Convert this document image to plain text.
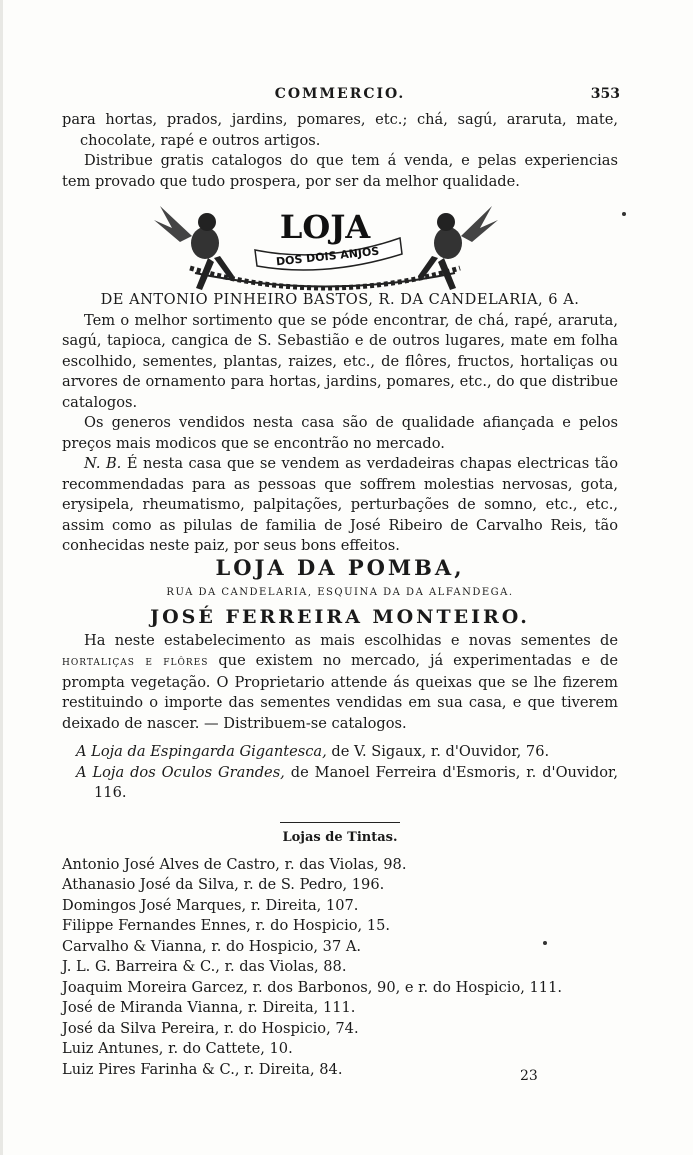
COMMERCIO.	353

para hortas, prados, jardins, pomares, etc.; chá, sagú, araruta, mate, chocolate, rapé e outros artigos.

Distribue gratis catalogos do que tem á venda, e pelas experiencias tem provado que tudo prospera, por ser da melhor qualidade.

LOJA
DOS DOIS ANJOS

DE ANTONIO PINHEIRO BASTOS, R. DA CANDELARIA, 6 A.

Tem o melhor sortimento que se póde encontrar, de chá, rapé, araruta, sagú, tapioca, cangica de S. Sebastião e de outros lugares, mate em folha escolhido, sementes, plantas, raizes, etc., de flôres, fructos, hortaliças ou arvores de ornamento para hortas, jardins, pomares, etc., do que distribue catalogos.

Os generos vendidos nesta casa são de qualidade afiançada e pelos preços mais modicos que se encontrão no mercado.

N. B. É nesta casa que se vendem as verdadeiras chapas electricas tão recommendadas para as pessoas que soffrem molestias nervosas, gota, erysipela, rheumatismo, palpitações, perturbações de somno, etc., etc., assim como as pilulas de familia de José Ribeiro de Carvalho Reis, tão conhecidas neste paiz, por seus bons effeitos.

LOJA DA POMBA,

RUA DA CANDELARIA, ESQUINA DA DA ALFANDEGA.

JOSÉ FERREIRA MONTEIRO.

Ha neste estabelecimento as mais escolhidas e novas sementes de hortaliças e flôres que existem no mercado, já experimentadas e de prompta vegetação. O Proprietario attende ás queixas que se lhe fizerem restituindo o importe das sementes vendidas em sua casa, e que tiverem deixado de nascer. — Distribuem-se catalogos.

A Loja da Espingarda Gigantesca, de V. Sigaux, r. d'Ouvidor, 76.

A Loja dos Oculos Grandes, de Manoel Ferreira d'Esmoris, r. d'Ouvidor, 116.

Lojas de Tintas.

Antonio José Alves de Castro, r. das Violas, 98.

Athanasio José da Silva, r. de S. Pedro, 196.

Domingos José Marques, r. Direita, 107.

Filippe Fernandes Ennes, r. do Hospicio, 15.

Carvalho & Vianna, r. do Hospicio, 37 A.

J. L. G. Barreira & C., r. das Violas, 88.

Joaquim Moreira Garcez, r. dos Barbonos, 90, e r. do Hospicio, 111.

José de Miranda Vianna, r. Direita, 111.

José da Silva Pereira, r. do Hospicio, 74.

Luiz Antunes, r. do Cattete, 10.

Luiz Pires Farinha & C., r. Direita, 84.	23
